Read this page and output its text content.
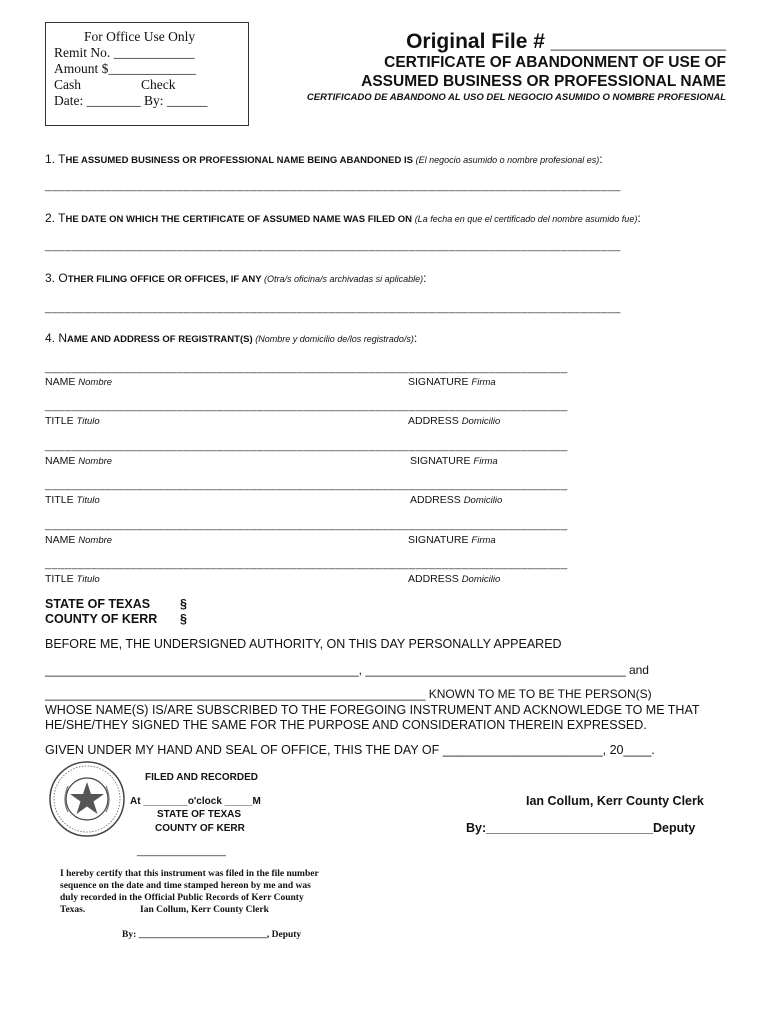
For Office Use Only
Remit No. ____________
Amount $_____________
Cash	Check
Date: ________ By: ______
Original File # _______________
CERTIFICATE OF ABANDONMENT OF USE OF
ASSUMED BUSINESS OR PROFESSIONAL NAME
CERTIFICADO DE ABANDONO AL USO DEL NEGOCIO ASUMIDO O NOMBRE PROFESIONAL
1. THE ASSUMED BUSINESS OR PROFESSIONAL NAME BEING ABANDONED IS (El negocio asumido o nombre profesional es):
_______________________________________________________________________________________
2. THE DATE ON WHICH THE CERTIFICATE OF ASSUMED NAME WAS FILED ON (La fecha en que el certificado del nombre asumido fue):
_______________________________________________________________________________________
3. OTHER FILING OFFICE OR OFFICES, IF ANY (Otra/s oficina/s archivadas si aplicable):
_______________________________________________________________________________________
4. NAME AND ADDRESS OF REGISTRANT(S) (Nombre y domicilio de/los registrado/s):
_______________________________________________________________________________
NAME Nombre	SIGNATURE Firma
_______________________________________________________________________________
TITLE Titulo	ADDRESS Domicilio
_______________________________________________________________________________
NAME Nombre	SIGNATURE Firma
_______________________________________________________________________________
TITLE Titulo	ADDRESS Domicilio
_______________________________________________________________________________
NAME Nombre	SIGNATURE Firma
_______________________________________________________________________________
TITLE Titulo	ADDRESS Domicilio
STATE OF TEXAS §
COUNTY OF KERR §
BEFORE ME, THE UNDERSIGNED AUTHORITY, ON THIS DAY PERSONALLY APPEARED
_______________________________________________, _______________________________________ and
_________________________________________________________ KNOWN TO ME TO BE THE PERSON(S)
WHOSE NAME(S) IS/ARE SUBSCRIBED TO THE FOREGOING INSTRUMENT AND ACKNOWLEDGE TO ME THAT
HE/SHE/THEY SIGNED THE SAME FOR THE PURPOSE AND CONSIDERATION THEREIN EXPRESSED.
GIVEN UNDER MY HAND AND SEAL OF OFFICE, THIS THE DAY OF _______________________, 20____.
FILED AND RECORDED
At ________o'clock _____M
STATE OF TEXAS
COUNTY OF KERR
________________
Ian Collum, Kerr County Clerk
By:________________________Deputy
I hereby certify that this instrument was filed in the file number
sequence on the date and time stamped hereon by me and was
duly recorded in the Official Public Records of Kerr County
Texas.	Ian Collum, Kerr County Clerk
By: ___________________________, Deputy
